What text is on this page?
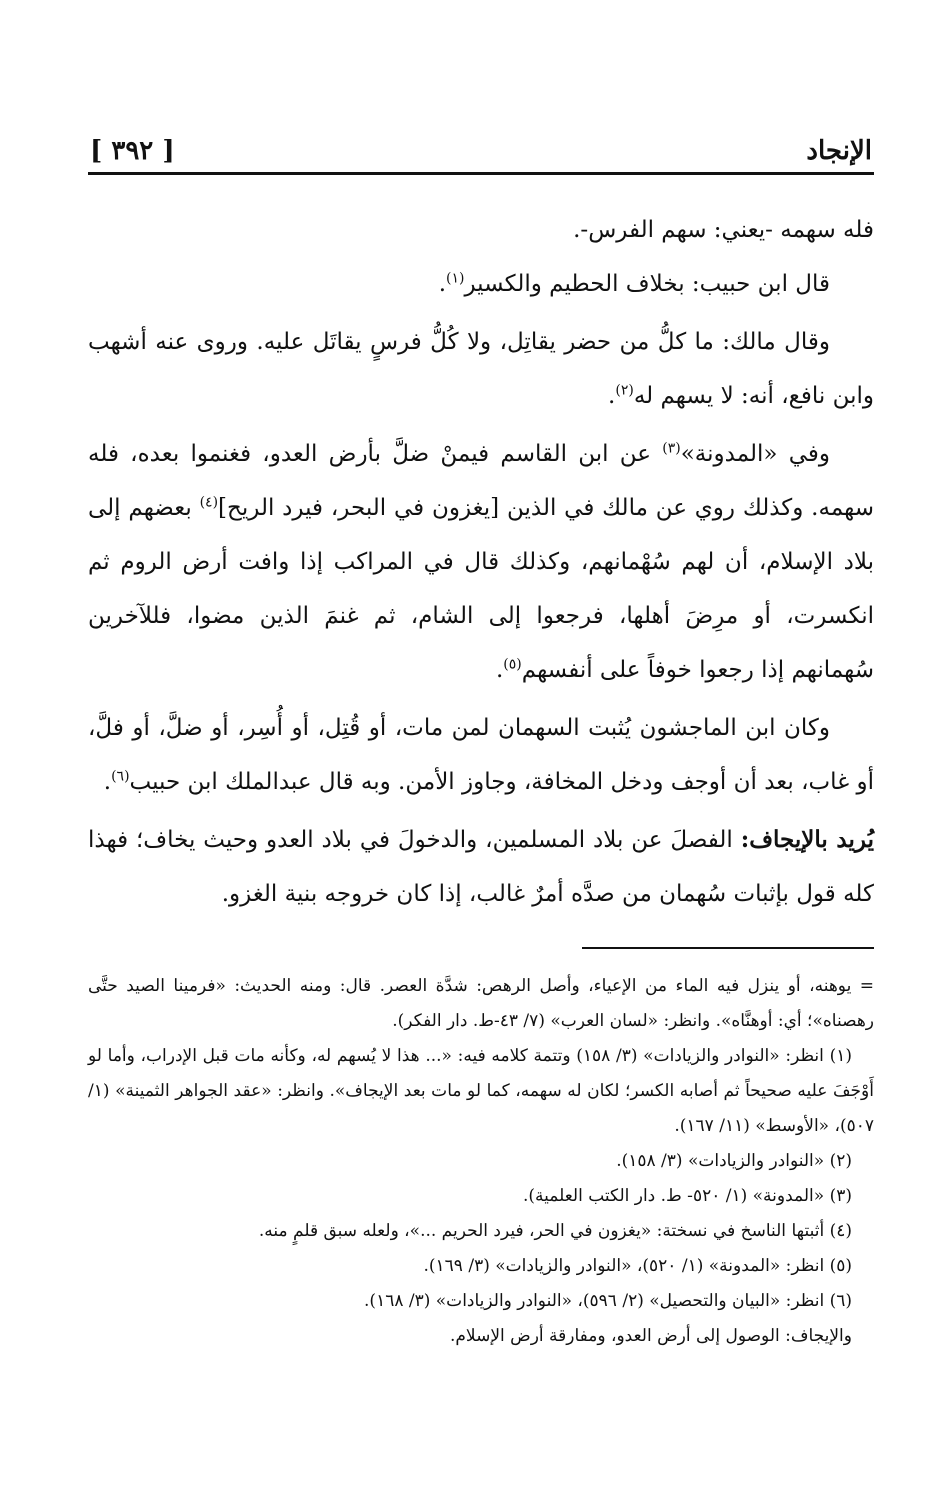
الإنجاد
[ ٣٩٢ ]

فله سهمه -يعني: سهم الفرس-.

قال ابن حبيب: بخلاف الحطيم والكسير$^{(١)}$.

وقال مالك: ما كلُّ من حضر يقاتِل، ولا كُلُّ فرسٍ يقاتَل عليه. وروى عنه أشهب وابن نافع، أنه: لا يسهم له$^{(٢)}$.

وفي «المدونة»$^{(٣)}$ عن ابن القاسم فيمنْ ضلَّ بأرض العدو، فغنموا بعده، فله سهمه. وكذلك روي عن مالك في الذين [يغزون في البحر، فيرد الريح]$^{(٤)}$ بعضهم إلى بلاد الإسلام، أن لهم سُهْمانهم، وكذلك قال في المراكب إذا وافت أرض الروم ثم انكسرت، أو مرِضَ أهلها، فرجعوا إلى الشام، ثم غنمَ الذين مضوا، فللآخرين سُهمانهم إذا رجعوا خوفاً على أنفسهم$^{(٥)}$.

وكان ابن الماجشون يُثبت السهمان لمن مات، أو قُتِل، أو أُسِر، أو ضلَّ، أو فلَّ، أو غاب، بعد أن أوجف ودخل المخافة، وجاوز الأمن. وبه قال عبدالملك ابن حبيب$^{(٦)}$.

يُريد بالإيجاف: الفصلَ عن بلاد المسلمين، والدخولَ في بلاد العدو وحيث يخاف؛ فهذا كله قول بإثبات سُهمان من صدَّه أمرٌ غالب، إذا كان خروجه بنية الغزو.

= يوهنه، أو ينزل فيه الماء من الإعياء، وأصل الرهص: شدَّة العصر. قال: ومنه الحديث: «فرمينا الصيد حتَّى رهصناه»؛ أي: أوهنَّاه». وانظر: «لسان العرب» (٧/ ٤٣-ط. دار الفكر).

(١) انظر: «النوادر والزيادات» (٣/ ١٥٨) وتتمة كلامه فيه: «... هذا لا يُسهم له، وكأنه مات قبل الإدراب، وأما لو أَوْجَفَ عليه صحيحاً ثم أصابه الكسر؛ لكان له سهمه، كما لو مات بعد الإيجاف». وانظر: «عقد الجواهر الثمينة» (١/ ٥٠٧)، «الأوسط» (١١/ ١٦٧).

(٢) «النوادر والزيادات» (٣/ ١٥٨).

(٣) «المدونة» (١/ ٥٢٠- ط. دار الكتب العلمية).

(٤) أثبتها الناسخ في نسختة: «يغزون في الحر، فيرد الحريم ...»، ولعله سبق قلمٍ منه.

(٥) انظر: «المدونة» (١/ ٥٢٠)، «النوادر والزيادات» (٣/ ١٦٩).

(٦) انظر: «البيان والتحصيل» (٢/ ٥٩٦)، «النوادر والزيادات» (٣/ ١٦٨).

والإيجاف: الوصول إلى أرض العدو، ومفارقة أرض الإسلام.
